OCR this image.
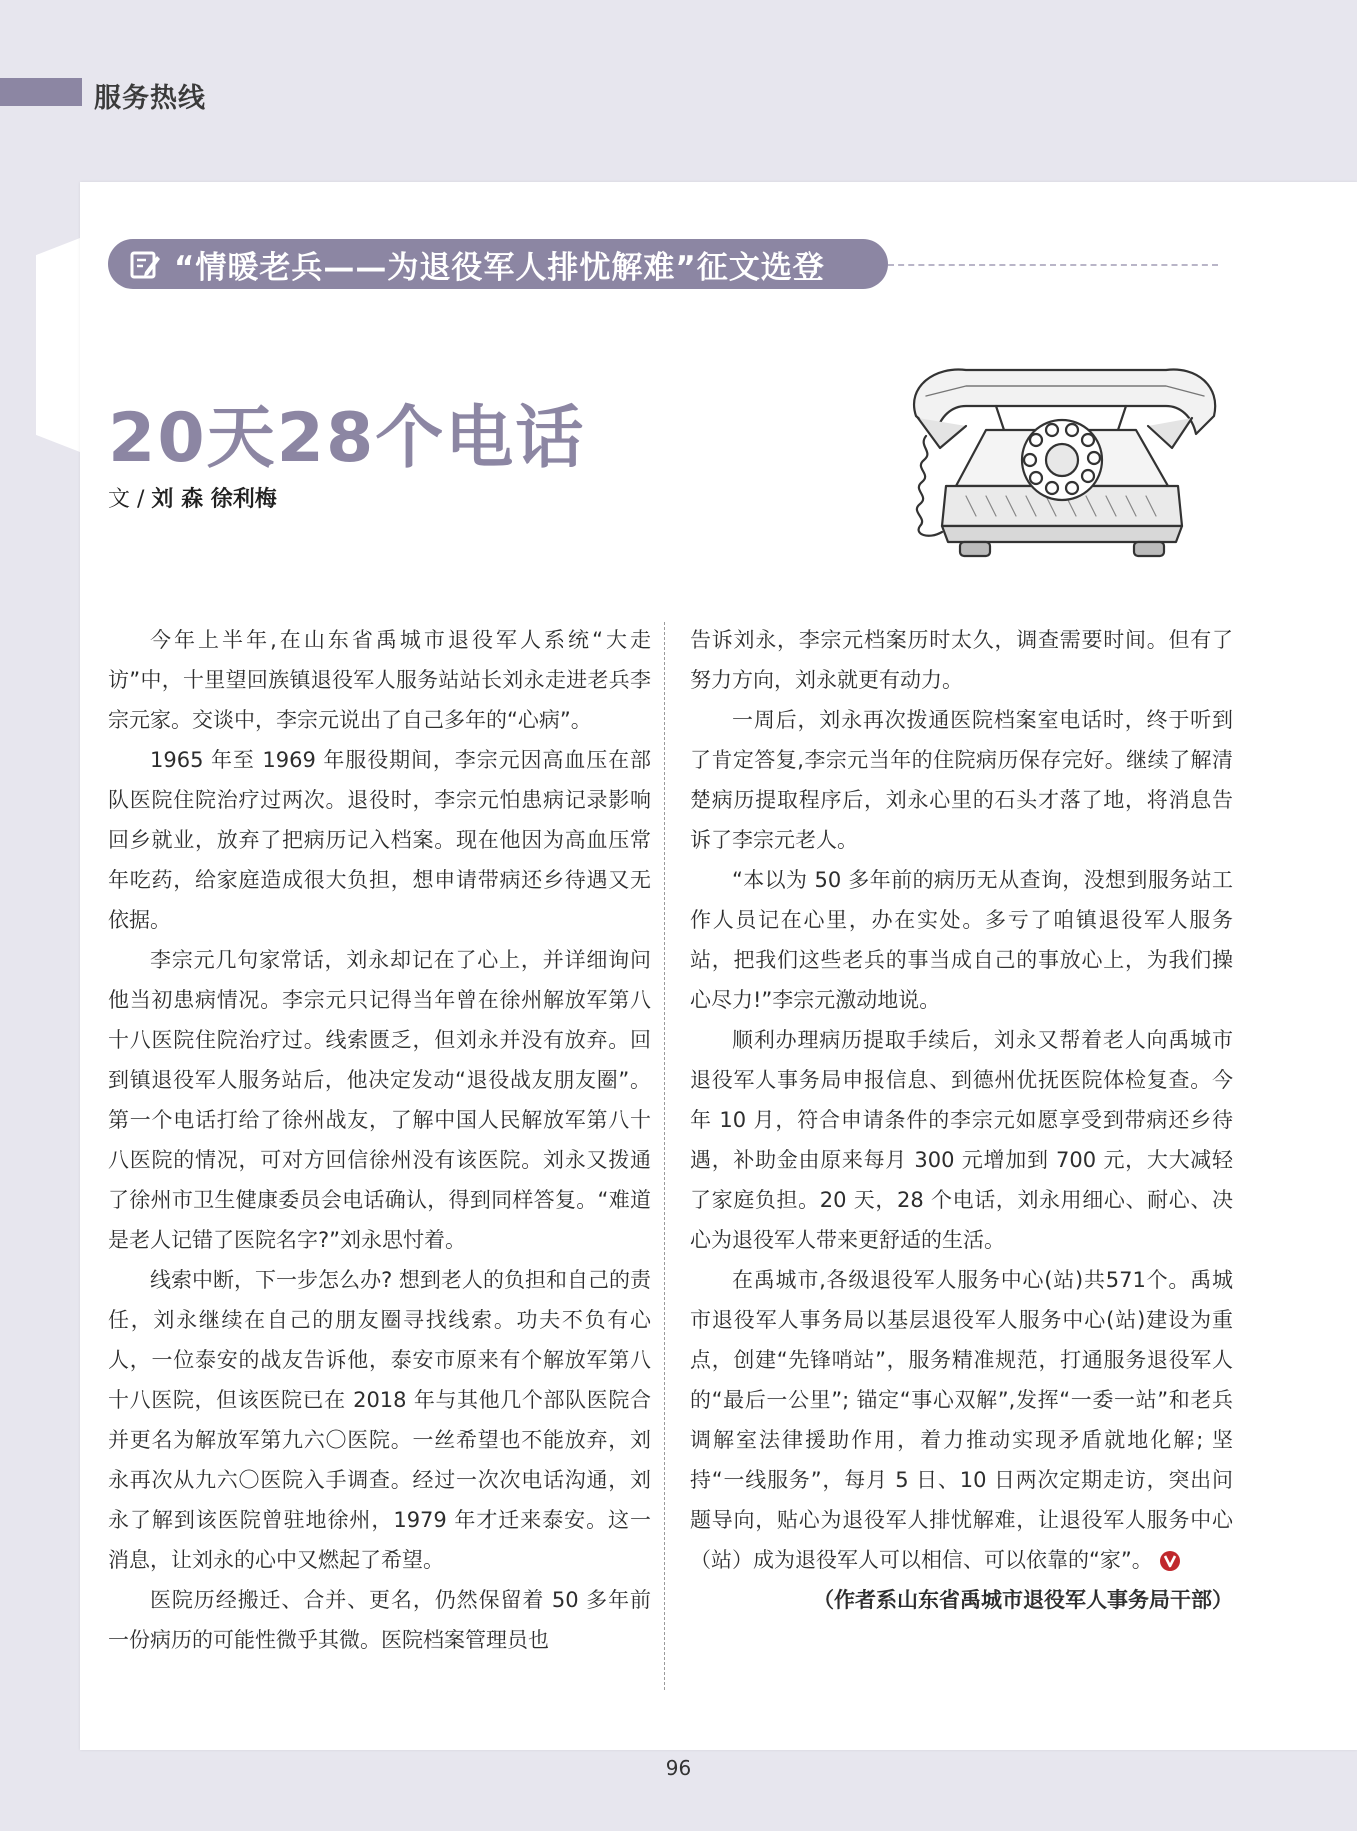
服务热线
“情暖老兵——为退役军人排忧解难”征文选登
20天28个电话
文 / 刘 森 徐利梅

今年上半年,在山东省禹城市退役军人系统“大走访”中，十里望回族镇退役军人服务站站长刘永走进老兵李宗元家。交谈中，李宗元说出了自己多年的“心病”。

1965 年至 1969 年服役期间，李宗元因高血压在部队医院住院治疗过两次。退役时，李宗元怕患病记录影响回乡就业，放弃了把病历记入档案。现在他因为高血压常年吃药，给家庭造成很大负担，想申请带病还乡待遇又无依据。

李宗元几句家常话，刘永却记在了心上，并详细询问他当初患病情况。李宗元只记得当年曾在徐州解放军第八十八医院住院治疗过。线索匮乏，但刘永并没有放弃。回到镇退役军人服务站后，他决定发动“退役战友朋友圈”。第一个电话打给了徐州战友，了解中国人民解放军第八十八医院的情况，可对方回信徐州没有该医院。刘永又拨通了徐州市卫生健康委员会电话确认，得到同样答复。“难道是老人记错了医院名字?”刘永思忖着。

线索中断，下一步怎么办? 想到老人的负担和自己的责任，刘永继续在自己的朋友圈寻找线索。功夫不负有心人，一位泰安的战友告诉他，泰安市原来有个解放军第八十八医院，但该医院已在 2018 年与其他几个部队医院合并更名为解放军第九六〇医院。一丝希望也不能放弃，刘永再次从九六〇医院入手调查。经过一次次电话沟通，刘永了解到该医院曾驻地徐州，1979 年才迁来泰安。这一消息，让刘永的心中又燃起了希望。

医院历经搬迁、合并、更名，仍然保留着 50 多年前一份病历的可能性微乎其微。医院档案管理员也

告诉刘永，李宗元档案历时太久，调查需要时间。但有了努力方向，刘永就更有动力。

一周后，刘永再次拨通医院档案室电话时，终于听到了肯定答复,李宗元当年的住院病历保存完好。继续了解清楚病历提取程序后，刘永心里的石头才落了地，将消息告诉了李宗元老人。

“本以为 50 多年前的病历无从查询，没想到服务站工作人员记在心里，办在实处。多亏了咱镇退役军人服务站，把我们这些老兵的事当成自己的事放心上，为我们操心尽力!”李宗元激动地说。

顺利办理病历提取手续后，刘永又帮着老人向禹城市退役军人事务局申报信息、到德州优抚医院体检复查。今年 10 月，符合申请条件的李宗元如愿享受到带病还乡待遇，补助金由原来每月 300 元增加到 700 元，大大减轻了家庭负担。20 天，28 个电话，刘永用细心、耐心、决心为退役军人带来更舒适的生活。

在禹城市,各级退役军人服务中心(站)共571个。禹城市退役军人事务局以基层退役军人服务中心(站)建设为重点，创建“先锋哨站”，服务精准规范，打通服务退役军人的“最后一公里”; 锚定“事心双解”,发挥“一委一站”和老兵调解室法律援助作用，着力推动实现矛盾就地化解; 坚持“一线服务”，每月 5 日、10 日两次定期走访，突出问题导向，贴心为退役军人排忧解难，让退役军人服务中心（站）成为退役军人可以相信、可以依靠的“家”。

（作者系山东省禹城市退役军人事务局干部）

96
